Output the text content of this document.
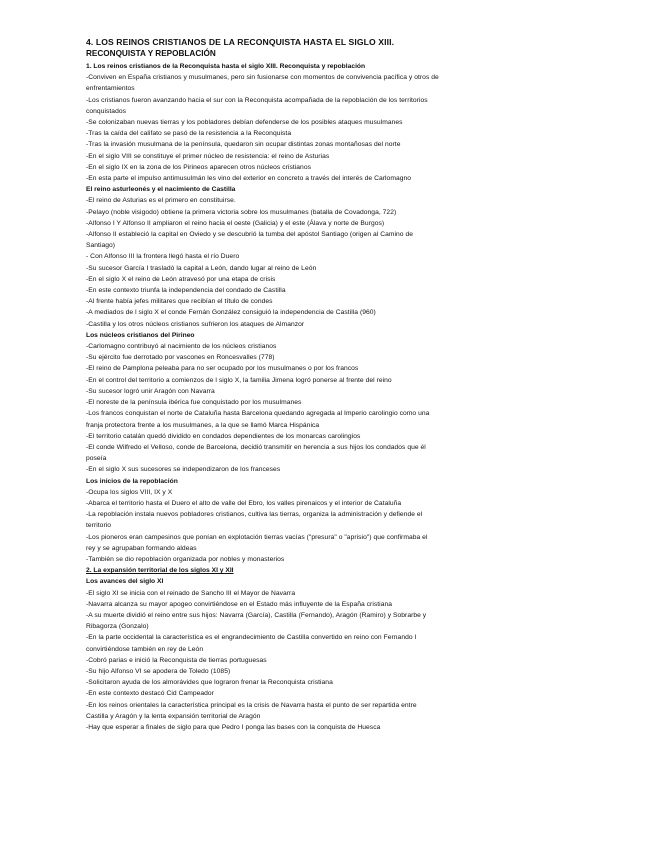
4. LOS REINOS CRISTIANOS DE LA RECONQUISTA HASTA EL SIGLO XIII.

RECONQUISTA Y REPOBLACIÓN

1. Los reinos cristianos de la Reconquista hasta el siglo XIII. Reconquista y repoblación

-Conviven en España cristianos y musulmanes, pero sin fusionarse con momentos de convivencia pacífica y otros de

enfrentamientos

-Los cristianos fueron avanzando hacia el sur con la Reconquista acompañada de la repoblación de los territorios

conquistados

-Se colonizaban nuevas tierras y los pobladores debían defenderse de los posibles ataques musulmanes

-Tras la caída del califato se pasó de la resistencia a la Reconquista

-Tras la invasión musulmana de la península, quedaron sin ocupar distintas zonas montañosas del norte

-En el siglo VIII se constituye el primer núcleo de resistencia: el reino de Asturias

-En el siglo IX en la zona de los Pirineos aparecen otros núcleos cristianos

-En esta parte el impulso antimusulmán les vino del exterior en concreto a través del interés de Carlomagno

El reino asturleonés y el nacimiento de Castilla

-El reino de Asturias es el primero en constituirse.

-Pelayo (noble visigodo) obtiene la primera victoria sobre los musulmanes (batalla de Covadonga, 722)

-Alfonso I Y Alfonso II ampliaron el reino hacia el oeste (Galicia) y el este (Álava y norte de Burgos)

-Alfonso II estableció la capital en Oviedo y se descubrió la tumba del apóstol Santiago (origen al Camino de

Santiago)

- Con Alfonso III la frontera llegó hasta el río Duero

-Su sucesor García I trasladó la capital a León, dando lugar al reino de León

-En el siglo X el reino de León atravesó por una etapa de crisis

-En este contexto triunfa la independencia del condado de Castilla

-Al frente había jefes militares que recibían el título de condes

-A mediados de l siglo X el conde Fernán González consiguió la independencia de Castilla (960)

-Castilla y los otros núcleos cristianos sufrieron los ataques de Almanzor

Los núcleos cristianos del Pirineo

-Carlomagno contribuyó al nacimiento de los núcleos cristianos

-Su ejército fue derrotado por vascones en Roncesvalles (778)

-El reino de Pamplona peleaba para no ser ocupado por los musulmanes o por los francos

-En el control del territorio a comienzos de l siglo X, la familia Jimena logró ponerse al frente del reino

-Su sucesor logró unir Aragón con Navarra

-El noreste de la península ibérica fue conquistado por los musulmanes

-Los francos conquistan el norte de Cataluña hasta Barcelona quedando agregada al Imperio carolingio como una

franja protectora frente a los musulmanes, a la que se llamó Marca Hispánica

-El territorio catalán quedó dividido en condados dependientes de los monarcas carolingios

-El conde Wilfredo el Velloso, conde de Barcelona, decidió transmitir en herencia a sus hijos los condados que él

poseía

-En el siglo X sus sucesores se independizaron de los franceses

Los inicios de la repoblación

-Ocupa los siglos VIII, IX y X

-Abarca el territorio hasta el Duero el alto de valle del Ebro, los valles pirenaicos y el interior de Cataluña

-La repoblación instala nuevos pobladores cristianos, cultiva las tierras, organiza la administración y defiende el

territorio

-Los pioneros eran campesinos que ponían en explotación tierras vacías ("presura" o "aprisio") que confirmaba el

rey y se agrupaban formando aldeas

-También se dio repoblación organizada por nobles y monasterios

2. La expansión territorial de los siglos XI y XII

Los avances del siglo XI

-El siglo XI se inicia con el reinado de Sancho III el Mayor de Navarra

-Navarra alcanza su mayor apogeo convirtiéndose en el Estado más influyente de la España cristiana

-A su muerte dividió el reino entre sus hijos: Navarra (García), Castilla (Fernando), Aragón (Ramiro) y Sobrarbe y

Ribagorza (Gonzalo)

-En la parte occidental la característica es el engrandecimiento de Castilla convertido en reino con Fernando I

convirtiéndose también en rey de León

-Cobró parias e inició la Reconquista de tierras portuguesas

-Su hijo Alfonso VI se apodera de Toledo (1085)

-Solicitaron ayuda de los almorávides que lograron frenar la Reconquista cristiana

-En este contexto destacó Cid Campeador

-En los reinos orientales la característica principal es la crisis de Navarra hasta el punto de ser repartida entre

Castilla y Aragón y la lenta expansión territorial de Aragón

-Hay que esperar a finales de siglo para que Pedro I ponga las bases con la conquista de Huesca
